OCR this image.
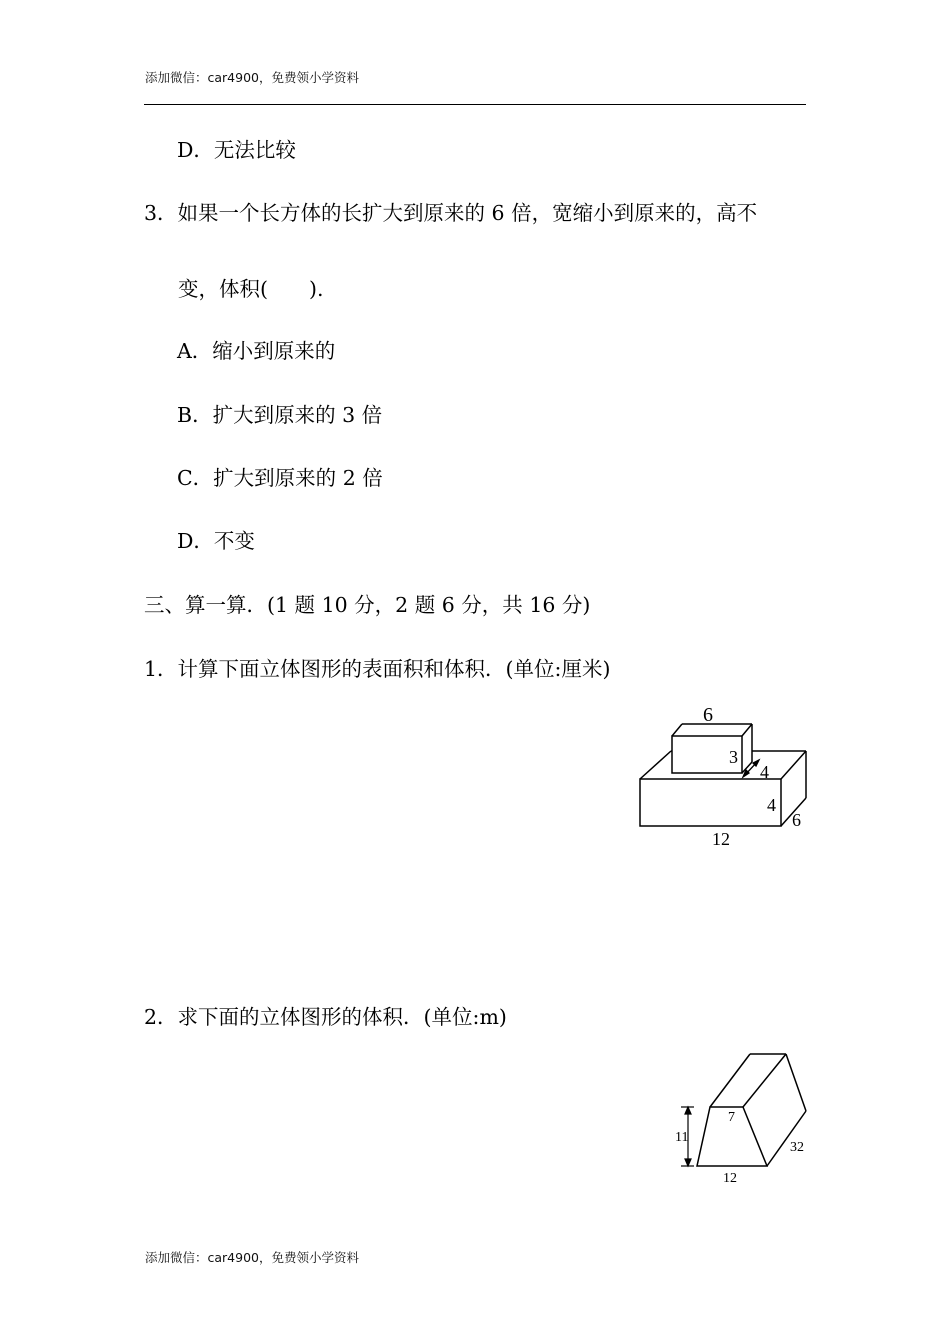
添加微信：car4900，免费领小学资料
D．无法比较
3．如果一个长方体的长扩大到原来的 6 倍，宽缩小到原来的，高不
变，体积(　　).
A．缩小到原来的
B．扩大到原来的 3 倍
C．扩大到原来的 2 倍
D．不变
三、算一算．(1 题 10 分，2 题 6 分，共 16 分)
1．计算下面立体图形的表面积和体积．(单位:厘米)
2．求下面的立体图形的体积．(单位:m)
6
3
4
4
6
12
7
11
32
12
添加微信：car4900，免费领小学资料
